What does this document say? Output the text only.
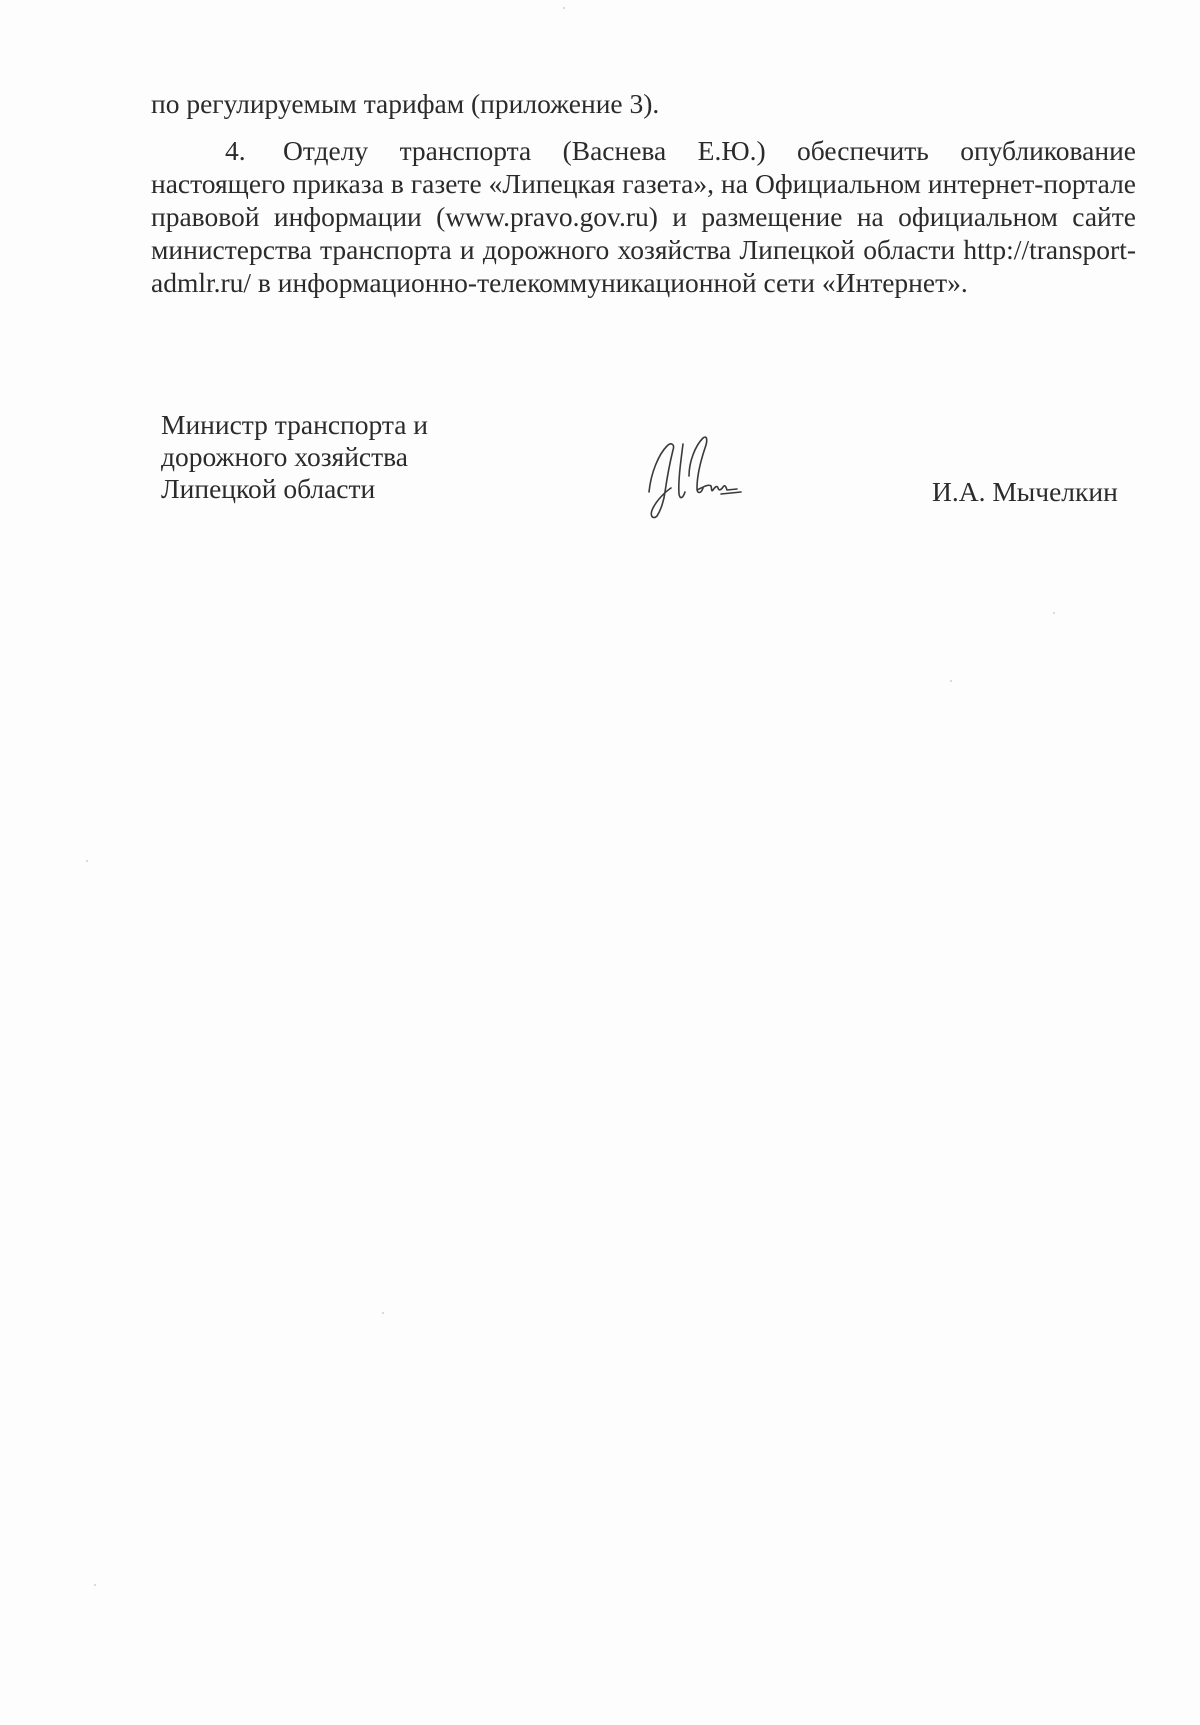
по регулируемым тарифам (приложение 3).
4. Отделу транспорта (Васнева Е.Ю.) обеспечить опубликование настоящего приказа в газете «Липецкая газета», на Официальном интернет-портале правовой информации (www.pravo.gov.ru) и размещение на официальном сайте министерства транспорта и дорожного хозяйства Липецкой области http://transport-admlr.ru/ в информационно-телекоммуникационной сети «Интернет».
Министр транспорта и
дорожного хозяйства
Липецкой области	И.А. Мычелкин
